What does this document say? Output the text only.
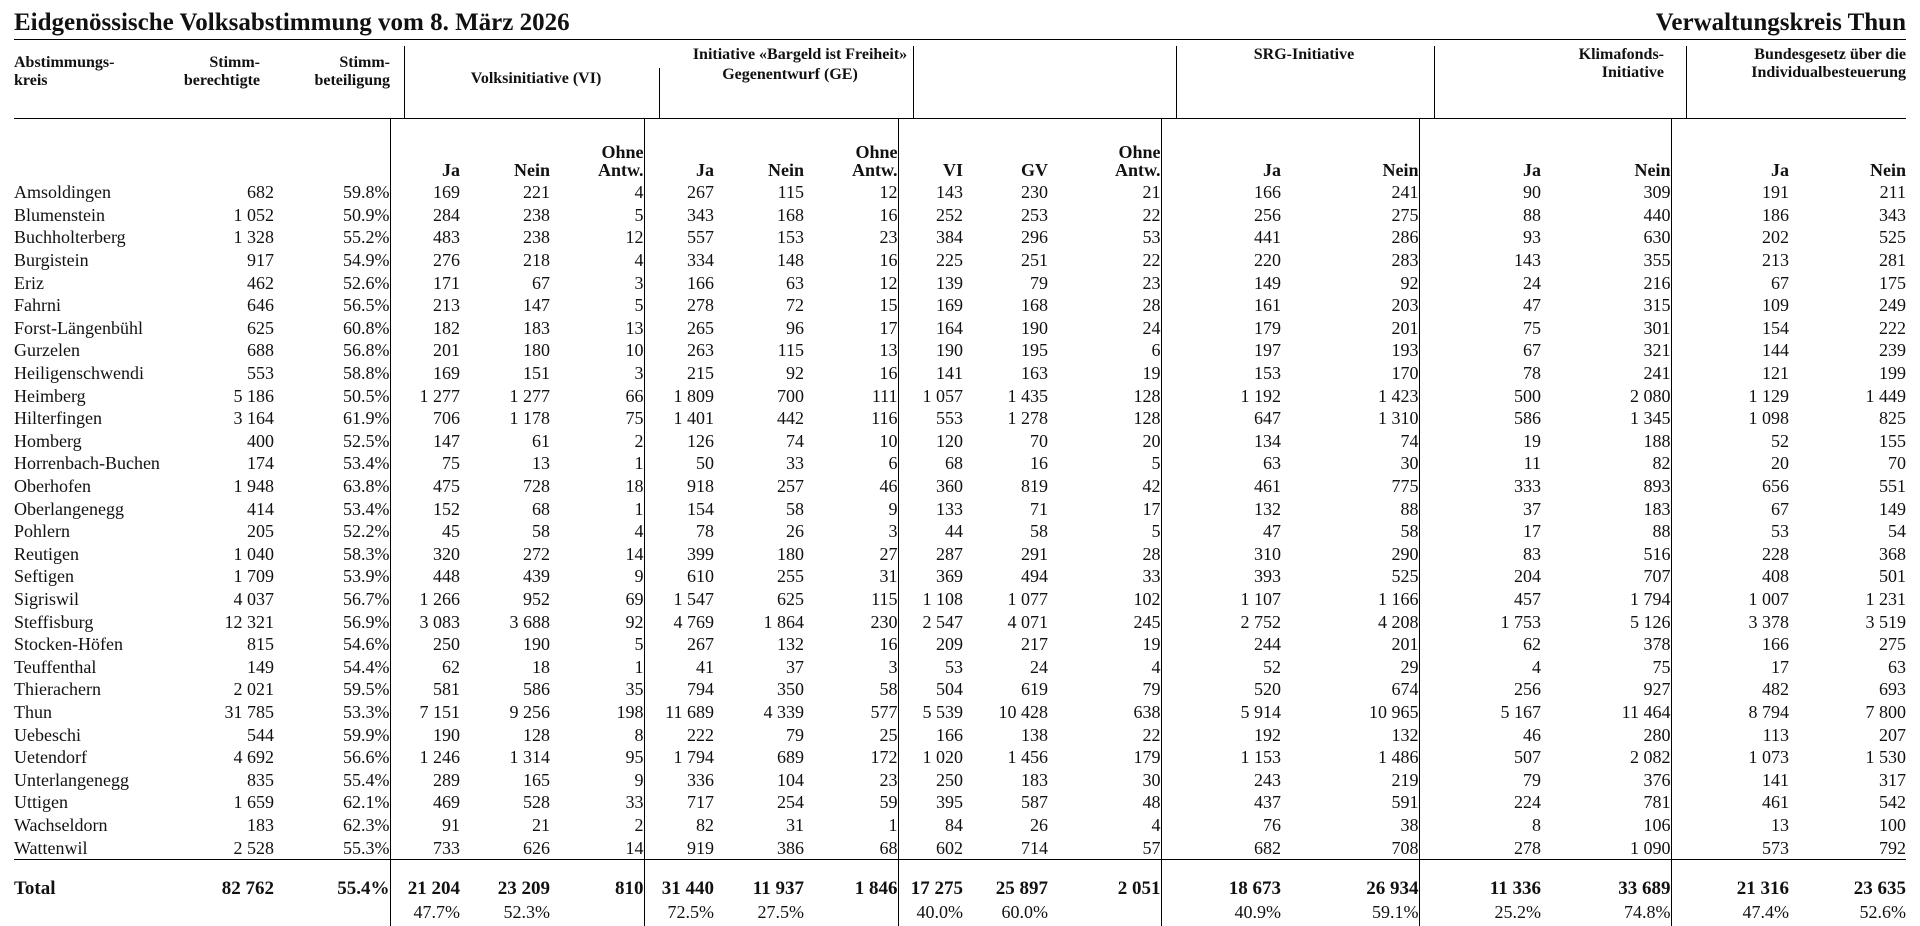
Eidgenössische Volksabstimmung vom 8. März 2026	Verwaltungskreis Thun
Abstimmungs-
kreis
Stimm-
berechtigte
Stimm-
beteiligung
Initiative «Bargeld ist Freiheit»
Volksinitiative (VI)	Gegenentwurf (GE)
SRG-Initiative	Klimafonds-
Initiative
Bundesgesetz über die
Individualbesteuerung
			Ja	Nein	Ohne
Antw.	Ja	Nein	Ohne
Antw.	VI	GV	Ohne
Antw.	Ja	Nein	Ja	Nein	Ja	Nein
Amsoldingen	682	59.8%	169	221	4	267	115	12	143	230	21	166	241	90	309	191	211
Blumenstein	1 052	50.9%	284	238	5	343	168	16	252	253	22	256	275	88	440	186	343
Buchholterberg	1 328	55.2%	483	238	12	557	153	23	384	296	53	441	286	93	630	202	525
Burgistein	917	54.9%	276	218	4	334	148	16	225	251	22	220	283	143	355	213	281
Eriz	462	52.6%	171	67	3	166	63	12	139	79	23	149	92	24	216	67	175
Fahrni	646	56.5%	213	147	5	278	72	15	169	168	28	161	203	47	315	109	249
Forst-Längenbühl	625	60.8%	182	183	13	265	96	17	164	190	24	179	201	75	301	154	222
Gurzelen	688	56.8%	201	180	10	263	115	13	190	195	6	197	193	67	321	144	239
Heiligenschwendi	553	58.8%	169	151	3	215	92	16	141	163	19	153	170	78	241	121	199
Heimberg	5 186	50.5%	1 277	1 277	66	1 809	700	111	1 057	1 435	128	1 192	1 423	500	2 080	1 129	1 449
Hilterfingen	3 164	61.9%	706	1 178	75	1 401	442	116	553	1 278	128	647	1 310	586	1 345	1 098	825
Homberg	400	52.5%	147	61	2	126	74	10	120	70	20	134	74	19	188	52	155
Horrenbach-Buchen	174	53.4%	75	13	1	50	33	6	68	16	5	63	30	11	82	20	70
Oberhofen	1 948	63.8%	475	728	18	918	257	46	360	819	42	461	775	333	893	656	551
Oberlangenegg	414	53.4%	152	68	1	154	58	9	133	71	17	132	88	37	183	67	149
Pohlern	205	52.2%	45	58	4	78	26	3	44	58	5	47	58	17	88	53	54
Reutigen	1 040	58.3%	320	272	14	399	180	27	287	291	28	310	290	83	516	228	368
Seftigen	1 709	53.9%	448	439	9	610	255	31	369	494	33	393	525	204	707	408	501
Sigriswil	4 037	56.7%	1 266	952	69	1 547	625	115	1 108	1 077	102	1 107	1 166	457	1 794	1 007	1 231
Steffisburg	12 321	56.9%	3 083	3 688	92	4 769	1 864	230	2 547	4 071	245	2 752	4 208	1 753	5 126	3 378	3 519
Stocken-Höfen	815	54.6%	250	190	5	267	132	16	209	217	19	244	201	62	378	166	275
Teuffenthal	149	54.4%	62	18	1	41	37	3	53	24	4	52	29	4	75	17	63
Thierachern	2 021	59.5%	581	586	35	794	350	58	504	619	79	520	674	256	927	482	693
Thun	31 785	53.3%	7 151	9 256	198	11 689	4 339	577	5 539	10 428	638	5 914	10 965	5 167	11 464	8 794	7 800
Uebeschi	544	59.9%	190	128	8	222	79	25	166	138	22	192	132	46	280	113	207
Uetendorf	4 692	56.6%	1 246	1 314	95	1 794	689	172	1 020	1 456	179	1 153	1 486	507	2 082	1 073	1 530
Unterlangenegg	835	55.4%	289	165	9	336	104	23	250	183	30	243	219	79	376	141	317
Uttigen	1 659	62.1%	469	528	33	717	254	59	395	587	48	437	591	224	781	461	542
Wachseldorn	183	62.3%	91	21	2	82	31	1	84	26	4	76	38	8	106	13	100
Wattenwil	2 528	55.3%	733	626	14	919	386	68	602	714	57	682	708	278	1 090	573	792
Total	82 762	55.4%	21 204	23 209	810	31 440	11 937	1 846	17 275	25 897	2 051	18 673	26 934	11 336	33 689	21 316	23 635
			47.7%	52.3%		72.5%	27.5%		40.0%	60.0%		40.9%	59.1%	25.2%	74.8%	47.4%	52.6%
